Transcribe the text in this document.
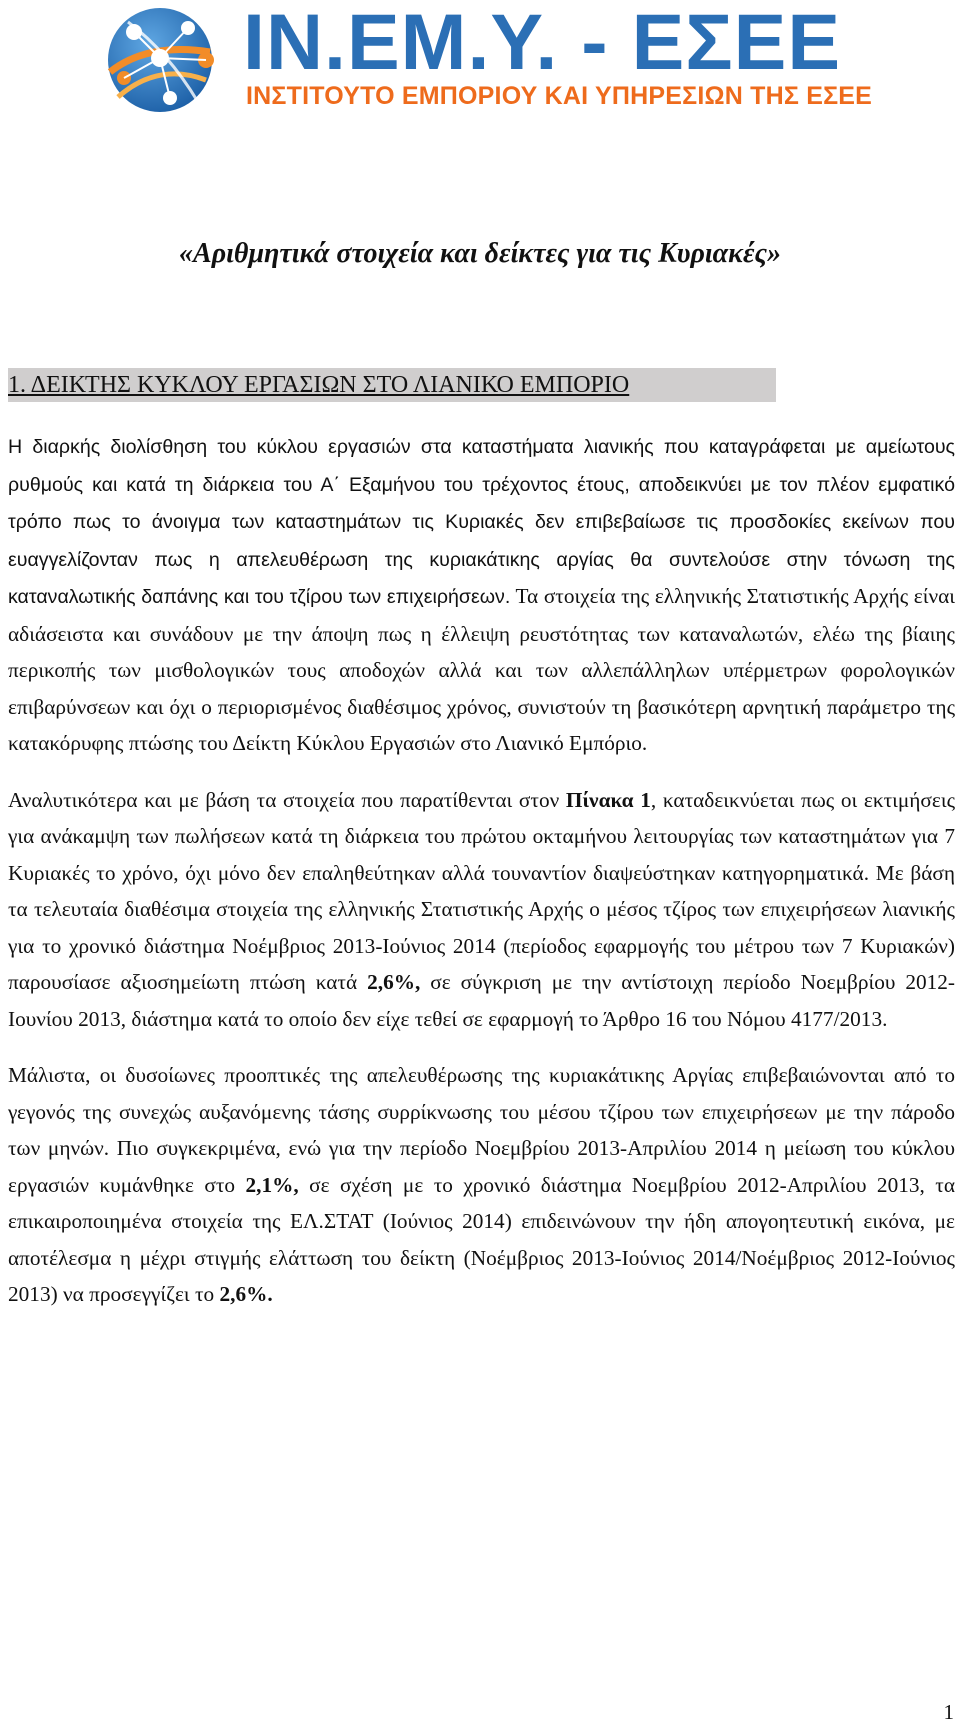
ΙΝ.ΕΜ.Υ. - ΕΣΕΕ
ΙΝΣΤΙΤΟΥΤΟ ΕΜΠΟΡΙΟΥ ΚΑΙ ΥΠΗΡΕΣΙΩΝ ΤΗΣ ΕΣΕΕ
«Αριθμητικά στοιχεία και δείκτες για τις Κυριακές»
1. ΔΕΙΚΤΗΣ ΚΥΚΛΟΥ ΕΡΓΑΣΙΩΝ ΣΤΟ ΛΙΑΝΙΚΟ ΕΜΠΟΡΙΟ

Η διαρκής διολίσθηση του κύκλου εργασιών στα καταστήματα λιανικής που καταγράφεται με αμείωτους ρυθμούς και κατά τη διάρκεια του Α΄ Εξαμήνου του τρέχοντος έτους, αποδεικνύει με τον πλέον εμφατικό τρόπο πως το άνοιγμα των καταστημάτων τις Κυριακές δεν επιβεβαίωσε τις προσδοκίες εκείνων που ευαγγελίζονταν πως η απελευθέρωση της κυριακάτικης αργίας θα συντελούσε στην τόνωση της καταναλωτικής δαπάνης και του τζίρου των επιχειρήσεων. Τα στοιχεία της ελληνικής Στατιστικής Αρχής είναι αδιάσειστα και συνάδουν με την άποψη πως η έλλειψη ρευστότητας των καταναλωτών, ελέω της βίαιης περικοπής των μισθολογικών τους αποδοχών αλλά και των αλλεπάλληλων υπέρμετρων φορολογικών επιβαρύνσεων και όχι ο περιορισμένος διαθέσιμος χρόνος, συνιστούν τη βασικότερη αρνητική παράμετρο της κατακόρυφης πτώσης του Δείκτη Κύκλου Εργασιών στο Λιανικό Εμπόριο.

Αναλυτικότερα και με βάση τα στοιχεία που παρατίθενται στον Πίνακα 1, καταδεικνύεται πως οι εκτιμήσεις για ανάκαμψη των πωλήσεων κατά τη διάρκεια του πρώτου οκταμήνου λειτουργίας των καταστημάτων για 7 Κυριακές το χρόνο, όχι μόνο δεν επαληθεύτηκαν αλλά τουναντίον διαψεύστηκαν κατηγορηματικά. Με βάση τα τελευταία διαθέσιμα στοιχεία της ελληνικής Στατιστικής Αρχής ο μέσος τζίρος των επιχειρήσεων λιανικής για το χρονικό διάστημα Νοέμβριος 2013-Ιούνιος 2014 (περίοδος εφαρμογής του μέτρου των 7 Κυριακών) παρουσίασε αξιοσημείωτη πτώση κατά 2,6%, σε σύγκριση με την αντίστοιχη περίοδο Νοεμβρίου 2012-Ιουνίου 2013, διάστημα κατά το οποίο δεν είχε τεθεί σε εφαρμογή το Άρθρο 16 του Νόμου 4177/2013.

Μάλιστα, οι δυσοίωνες προοπτικές της απελευθέρωσης της κυριακάτικης Αργίας επιβεβαιώνονται από το γεγονός της συνεχώς αυξανόμενης τάσης συρρίκνωσης του μέσου τζίρου των επιχειρήσεων με την πάροδο των μηνών. Πιο συγκεκριμένα, ενώ για την περίοδο Νοεμβρίου 2013-Απριλίου 2014 η μείωση του κύκλου εργασιών κυμάνθηκε στο 2,1%, σε σχέση με το χρονικό διάστημα Νοεμβρίου 2012-Απριλίου 2013, τα επικαιροποιημένα στοιχεία της ΕΛ.ΣΤΑΤ (Ιούνιος 2014) επιδεινώνουν την ήδη απογοητευτική εικόνα, με αποτέλεσμα η μέχρι στιγμής ελάττωση του δείκτη (Νοέμβριος 2013-Ιούνιος 2014/Νοέμβριος 2012-Ιούνιος 2013) να προσεγγίζει το 2,6%.

1
